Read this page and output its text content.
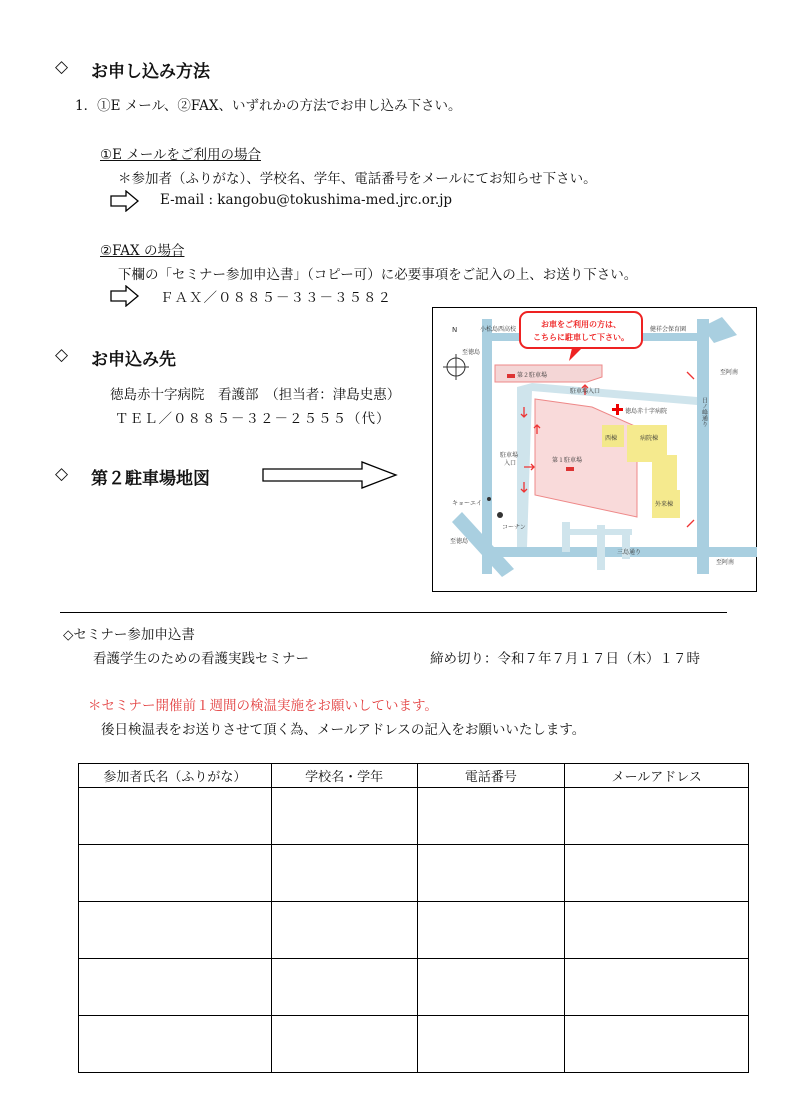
◇ お申し込み方法
1．①E メール、②FAX、いずれかの方法でお申し込み下さい。
①E メールをご利用の場合
＊参加者（ふりがな）、学校名、学年、電話番号をメールにてお知らせ下さい。
E-mail : kangobu@tokushima-med.jrc.or.jp
②FAX の場合
下欄の「セミナー参加申込書」（コピー可）に必要事項をご記入の上、お送り下さい。
ＦＡＸ／０８８５－３３－３５８２
◇ お申込み先
徳島赤十字病院　看護部　（担当者：津島史惠）
ＴＥＬ／０８８５－３２－２５５５（代）
◇ 第２駐車場地図
お車をご利用の方は、
こちらに駐車して下さい。
N	小松島西高校	健祥会保育園
至徳島
至阿南
第２駐車場
駐車場入口
徳島赤十字病院
西棟	病院棟
駐車場
入口	第１駐車場
外来棟
キョーエイ
コーナン
至徳島
三島通り
至阿南
日ノ峰通り
◇セミナー参加申込書
看護学生のための看護実践セミナー	締め切り：令和７年７月１７日（木）１７時
＊セミナー開催前１週間の検温実施をお願いしています。
後日検温表をお送りさせて頂く為、メールアドレスの記入をお願いいたします。
参加者氏名（ふりがな）	学校名・学年	電話番号	メールアドレス
